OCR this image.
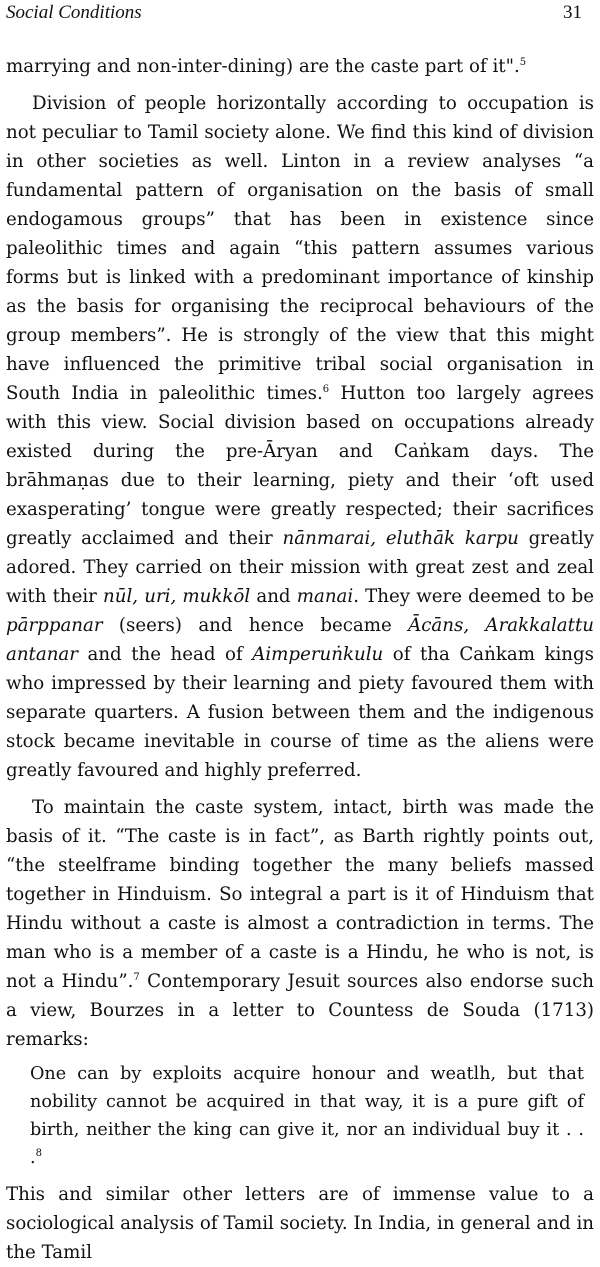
Social Conditions	31

marrying and non-inter-dining) are the caste part of it".$^5$

Division of people horizontally according to occupation is not peculiar to Tamil society alone. We find this kind of division in other societies as well. Linton in a review analyses “a fundamental pattern of organisation on the basis of small endogamous groups” that has been in existence since paleolithic times and again “this pattern assumes various forms but is linked with a predominant importance of kinship as the basis for organising the reciprocal behaviours of the group members”. He is strongly of the view that this might have influenced the primitive tribal social organisation in South India in paleolithic times.$^6$ Hutton too largely agrees with this view. Social division based on occupations already existed during the pre-Āryan and Caṅkam days. The brāhmaṇas due to their learning, piety and their ‘oft used exasperating’ tongue were greatly respected; their sacrifices greatly acclaimed and their nānmarai, eluthāk karpu greatly adored. They carried on their mission with great zest and zeal with their nūl, uri, mukkōl and manai. They were deemed to be pārppanar (seers) and hence became Ācāns, Arakkalattu antanar and the head of Aimperuṅkulu of tha Caṅkam kings who impressed by their learning and piety favoured them with separate quarters. A fusion between them and the indigenous stock became inevitable in course of time as the aliens were greatly favoured and highly preferred.

To maintain the caste system, intact, birth was made the basis of it. “The caste is in fact”, as Barth rightly points out, “the steelframe binding together the many beliefs massed together in Hinduism. So integral a part is it of Hinduism that Hindu without a caste is almost a contradiction in terms. The man who is a member of a caste is a Hindu, he who is not, is not a Hindu”.$^7$ Contemporary Jesuit sources also endorse such a view, Bourzes in a letter to Countess de Souda (1713) remarks:

One can by exploits acquire honour and weatlh, but that nobility cannot be acquired in that way, it is a pure gift of birth, neither the king can give it, nor an individual buy it . . .$^8$

This and similar other letters are of immense value to a sociological analysis of Tamil society. In India, in general and in the Tamil
